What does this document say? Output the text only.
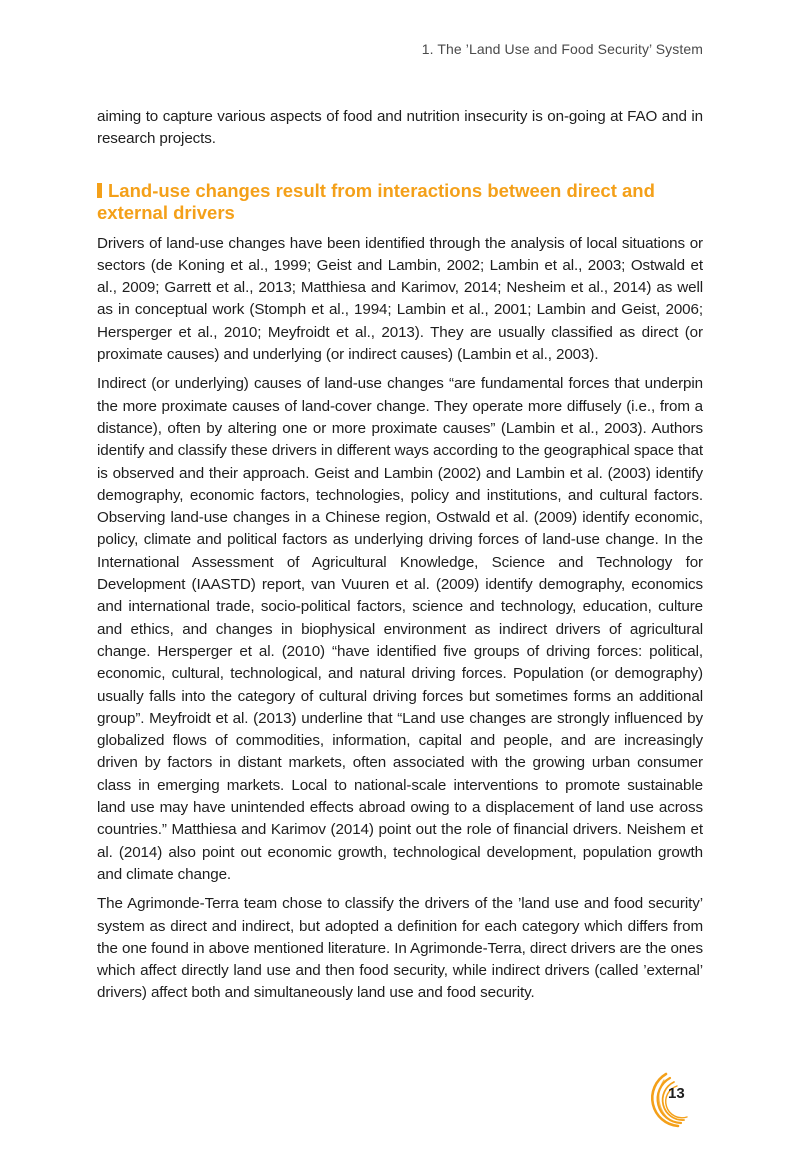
1. The ’Land Use and Food Security’ System

aiming to capture various aspects of food and nutrition insecurity is on-going at FAO and in research projects.

Land-use changes result from interactions between direct and external drivers

Drivers of land-use changes have been identified through the analysis of local situations or sectors (de Koning et al., 1999; Geist and Lambin, 2002; Lambin et al., 2003; Ostwald et al., 2009; Garrett et al., 2013; Matthiesa and Karimov, 2014; Nesheim et al., 2014) as well as in conceptual work (Stomph et al., 1994; Lambin et al., 2001; Lambin and Geist, 2006; Hersperger et al., 2010; Meyfroidt et al., 2013). They are usually classified as direct (or proximate causes) and underlying (or indirect causes) (Lambin et al., 2003).

Indirect (or underlying) causes of land-use changes “are fundamental forces that underpin the more proximate causes of land-cover change. They operate more diffusely (i.e., from a distance), often by altering one or more proximate causes” (Lambin et al., 2003). Authors identify and classify these drivers in different ways according to the geographical space that is observed and their approach. Geist and Lambin (2002) and Lambin et al. (2003) identify demography, economic factors, technologies, policy and institutions, and cultural factors. Observing land-use changes in a Chinese region, Ostwald et al. (2009) identify economic, policy, climate and political factors as underlying driving forces of land-use change. In the International Assessment of Agricultural Knowledge, Science and Technology for Development (IAASTD) report, van Vuuren et al. (2009) identify demography, economics and international trade, socio-political factors, science and technology, education, culture and ethics, and changes in biophysical environment as indirect drivers of agricultural change. Hersperger et al. (2010) “have identified five groups of driving forces: political, economic, cultural, technological, and natural driving forces. Population (or demography) usually falls into the category of cultural driving forces but sometimes forms an additional group”. Meyfroidt et al. (2013) underline that “Land use changes are strongly influenced by globalized flows of commodities, information, capital and people, and are increasingly driven by factors in distant markets, often associated with the growing urban consumer class in emerging markets. Local to national-scale interventions to promote sustainable land use may have unintended effects abroad owing to a displacement of land use across countries.” Matthiesa and Karimov (2014) point out the role of financial drivers. Neishem et al. (2014) also point out economic growth, technological development, population growth and climate change.

The Agrimonde-Terra team chose to classify the drivers of the ’land use and food security’ system as direct and indirect, but adopted a definition for each category which differs from the one found in above mentioned literature. In Agrimonde-Terra, direct drivers are the ones which affect directly land use and then food security, while indirect drivers (called ’external’ drivers) affect both and simultaneously land use and food security.

13
